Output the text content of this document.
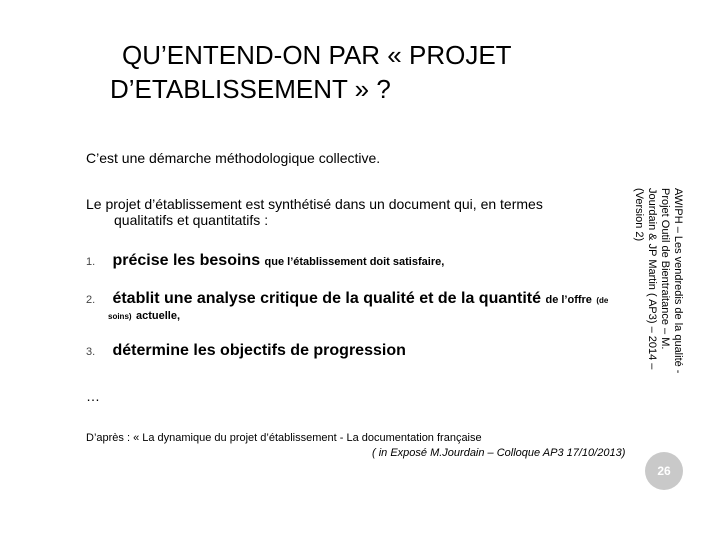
QU’ENTEND-ON PAR « PROJET
D’ETABLISSEMENT » ?
C’est une démarche méthodologique collective.
Le projet d’établissement est synthétisé dans un document qui, en termes
qualitatifs et quantitatifs :
1. précise les besoins que l’établissement doit satisfaire,
2. établit une analyse critique de la qualité et de la quantité de l’offre (de
soins) actuelle,
3. détermine les objectifs de progression
…
D’après : « La dynamique du projet d’établissement - La documentation française
( in Exposé M.Jourdain – Colloque AP3 17/10/2013)
AWIPH – Les vendredis de la qualité - Projet Outil de Bientraitance – M. Jourdain & JP Martin ( AP3) – 2014 – (Version 2)
26
